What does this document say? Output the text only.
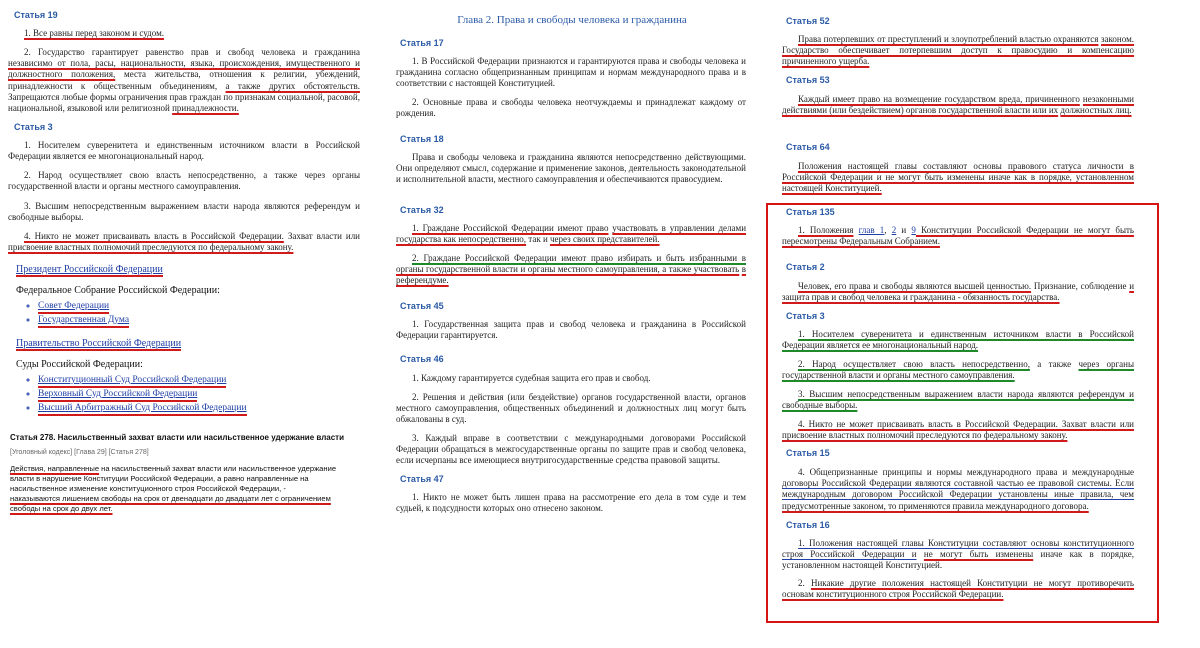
Статья 19
1. Все равны перед законом и судом.
2. Государство гарантирует равенство прав и свобод человека и гражданина независимо от пола, расы, национальности, языка, происхождения, имущественного и должностного положения, места жительства, отношения к религии, убеждений, принадлежности к общественным объединениям, а также других обстоятельств. Запрещаются любые формы ограничения прав граждан по признакам социальной, расовой, национальной, языковой или религиозной принадлежности.
Статья 3
1. Носителем суверенитета и единственным источником власти в Российской Федерации является ее многонациональный народ.
2. Народ осуществляет свою власть непосредственно, а также через органы государственной власти и органы местного самоуправления.
3. Высшим непосредственным выражением власти народа являются референдум и свободные выборы.
4. Никто не может присваивать власть в Российской Федерации. Захват власти или присвоение властных полномочий преследуются по федеральному закону.
Президент Российской Федерации
Федеральное Собрание Российской Федерации:
◦ Совет Федерации
◦ Государственная Дума
Правительство Российской Федерации
Суды Российской Федерации:
◦ Конституционный Суд Российской Федерации
◦ Верховный Суд Российской Федерации
◦ Высший Арбитражный Суд Российской Федерации
Статья 278. Насильственный захват власти или насильственное удержание власти
[Уголовный кодекс] [Глава 29] [Статья 278]
Действия, направленные на насильственный захват власти или насильственное удержание
власти в нарушение Конституции Российской Федерации, а равно направленные на
насильственное изменение конституционного строя Российской Федерации, -
наказываются лишением свободы на срок от двенадцати до двадцати лет с ограничением
свободы на срок до двух лет.
Глава 2. Права и свободы человека и гражданина
Статья 17
1. В Российской Федерации признаются и гарантируются права и свободы человека и гражданина согласно общепризнанным принципам и нормам международного права и в соответствии с настоящей Конституцией.
2. Основные права и свободы человека неотчуждаемы и принадлежат каждому от рождения.
Статья 18
Права и свободы человека и гражданина являются непосредственно действующими. Они определяют смысл, содержание и применение законов, деятельность законодательной и исполнительной власти, местного самоуправления и обеспечиваются правосудием.
Статья 32
1. Граждане Российской Федерации имеют право участвовать в управлении делами государства как непосредственно, так и через своих представителей.
2. Граждане Российской Федерации имеют право избирать и быть избранными в органы государственной власти и органы местного самоуправления, а также участвовать в референдуме.
Статья 45
1. Государственная защита прав и свобод человека и гражданина в Российской Федерации гарантируется.
Статья 46
1. Каждому гарантируется судебная защита его прав и свобод.
2. Решения и действия (или бездействие) органов государственной власти, органов местного самоуправления, общественных объединений и должностных лиц могут быть обжалованы в суд.
3. Каждый вправе в соответствии с международными договорами Российской Федерации обращаться в межгосударственные органы по защите прав и свобод человека, если исчерпаны все имеющиеся внутригосударственные средства правовой защиты.
Статья 47
1. Никто не может быть лишен права на рассмотрение его дела в том суде и тем судьей, к подсудности которых оно отнесено законом.
Статья 52
Права потерпевших от преступлений и злоупотреблений властью охраняются законом. Государство обеспечивает потерпевшим доступ к правосудию и компенсацию причиненного ущерба.
Статья 53
Каждый имеет право на возмещение государством вреда, причиненного незаконными действиями (или бездействием) органов государственной власти или их должностных лиц.
Статья 64
Положения настоящей главы составляют основы правового статуса личности в Российской Федерации и не могут быть изменены иначе как в порядке, установленном настоящей Конституцией.
Статья 135
1. Положения глав 1, 2 и 9 Конституции Российской Федерации не могут быть пересмотрены Федеральным Собранием.
Статья 2
Человек, его права и свободы являются высшей ценностью. Признание, соблюдение и защита прав и свобод человека и гражданина - обязанность государства.
Статья 3
1. Носителем суверенитета и единственным источником власти в Российской Федерации является ее многонациональный народ.
2. Народ осуществляет свою власть непосредственно, а также через органы государственной власти и органы местного самоуправления.
3. Высшим непосредственным выражением власти народа являются референдум и свободные выборы.
4. Никто не может присваивать власть в Российской Федерации. Захват власти или присвоение властных полномочий преследуются по федеральному закону.
Статья 15
4. Общепризнанные принципы и нормы международного права и международные договоры Российской Федерации являются составной частью ее правовой системы. Если международным договором Российской Федерации установлены иные правила, чем предусмотренные законом, то применяются правила международного договора.
Статья 16
1. Положения настоящей главы Конституции составляют основы конституционного строя Российской Федерации и не могут быть изменены иначе как в порядке, установленном настоящей Конституцией.
2. Никакие другие положения настоящей Конституции не могут противоречить основам конституционного строя Российской Федерации.
